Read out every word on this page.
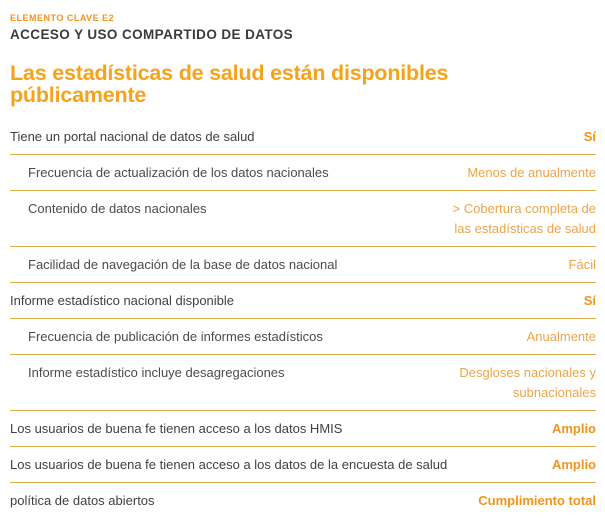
ELEMENTO CLAVE E2
ACCESO Y USO COMPARTIDO DE DATOS
Las estadísticas de salud están disponibles públicamente
Tiene un portal nacional de datos de salud	Sí
Frecuencia de actualización de los datos nacionales	Menos de anualmente
Contenido de datos nacionales	> Cobertura completa de las estadísticas de salud
Facilidad de navegación de la base de datos nacional	Fácil
Informe estadístico nacional disponible	Sí
Frecuencia de publicación de informes estadísticos	Anualmente
Informe estadístico incluye desagregaciones	Desgloses nacionales y subnacionales
Los usuarios de buena fe tienen acceso a los datos HMIS	Amplio
Los usuarios de buena fe tienen acceso a los datos de la encuesta de salud	Amplio
política de datos abiertos	Cumplimiento total
